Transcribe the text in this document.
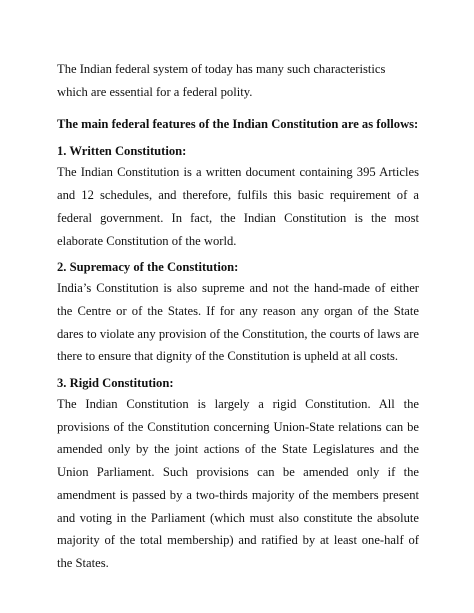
The Indian federal system of today has many such characteristics which are essential for a federal polity.

The main federal features of the Indian Constitution are as follows:

1. Written Constitution:

The Indian Constitution is a written document containing 395 Articles and 12 schedules, and therefore, fulfils this basic requirement of a federal government. In fact, the Indian Constitution is the most elaborate Constitution of the world.

2. Supremacy of the Constitution:

India’s Constitution is also supreme and not the hand-made of either the Centre or of the States. If for any reason any organ of the State dares to violate any provision of the Constitution, the courts of laws are there to ensure that dignity of the Constitution is upheld at all costs.

3. Rigid Constitution:

The Indian Constitution is largely a rigid Constitution. All the provisions of the Constitution concerning Union-State relations can be amended only by the joint actions of the State Legislatures and the Union Parliament. Such provisions can be amended only if the amendment is passed by a two-thirds majority of the members present and voting in the Parliament (which must also constitute the absolute majority of the total membership) and ratified by at least one-half of the States.
